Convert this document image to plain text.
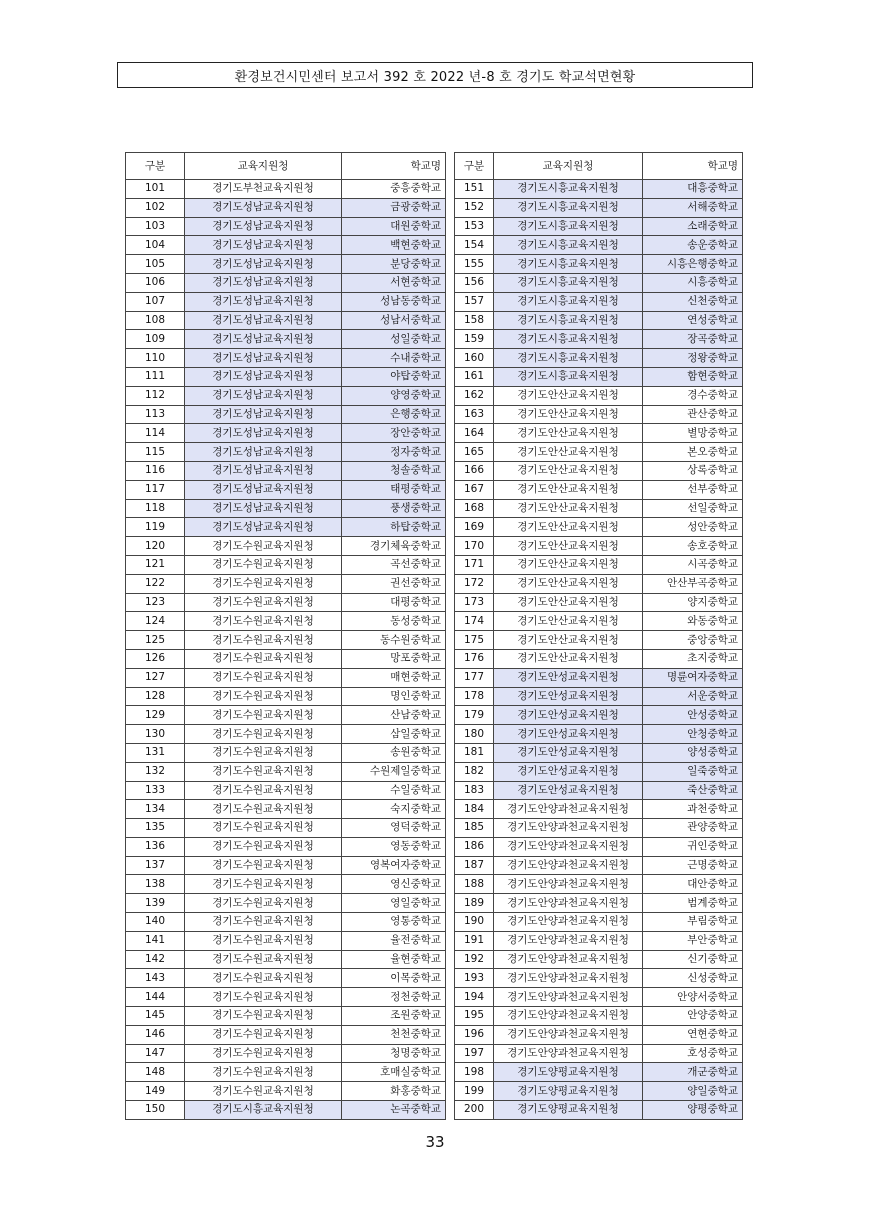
환경보건시민센터 보고서 392 호 2022 년-8 호 경기도 학교석면현황
구분	교육지원청	학교명
101	경기도부천교육지원청	중흥중학교
102	경기도성남교육지원청	금광중학교
103	경기도성남교육지원청	대원중학교
104	경기도성남교육지원청	백현중학교
105	경기도성남교육지원청	분당중학교
106	경기도성남교육지원청	서현중학교
107	경기도성남교육지원청	성남동중학교
108	경기도성남교육지원청	성남서중학교
109	경기도성남교육지원청	성일중학교
110	경기도성남교육지원청	수내중학교
111	경기도성남교육지원청	야탑중학교
112	경기도성남교육지원청	양영중학교
113	경기도성남교육지원청	은행중학교
114	경기도성남교육지원청	장안중학교
115	경기도성남교육지원청	정자중학교
116	경기도성남교육지원청	청솔중학교
117	경기도성남교육지원청	태평중학교
118	경기도성남교육지원청	풍생중학교
119	경기도성남교육지원청	하탑중학교
120	경기도수원교육지원청	경기체육중학교
121	경기도수원교육지원청	곡선중학교
122	경기도수원교육지원청	권선중학교
123	경기도수원교육지원청	대평중학교
124	경기도수원교육지원청	동성중학교
125	경기도수원교육지원청	동수원중학교
126	경기도수원교육지원청	망포중학교
127	경기도수원교육지원청	매현중학교
128	경기도수원교육지원청	명인중학교
129	경기도수원교육지원청	산남중학교
130	경기도수원교육지원청	삼일중학교
131	경기도수원교육지원청	송원중학교
132	경기도수원교육지원청	수원제일중학교
133	경기도수원교육지원청	수일중학교
134	경기도수원교육지원청	숙지중학교
135	경기도수원교육지원청	영덕중학교
136	경기도수원교육지원청	영동중학교
137	경기도수원교육지원청	영복여자중학교
138	경기도수원교육지원청	영신중학교
139	경기도수원교육지원청	영일중학교
140	경기도수원교육지원청	영통중학교
141	경기도수원교육지원청	율전중학교
142	경기도수원교육지원청	율현중학교
143	경기도수원교육지원청	이목중학교
144	경기도수원교육지원청	정천중학교
145	경기도수원교육지원청	조원중학교
146	경기도수원교육지원청	천천중학교
147	경기도수원교육지원청	청명중학교
148	경기도수원교육지원청	호매실중학교
149	경기도수원교육지원청	화홍중학교
150	경기도시흥교육지원청	논곡중학교
구분	교육지원청	학교명
151	경기도시흥교육지원청	대흥중학교
152	경기도시흥교육지원청	서해중학교
153	경기도시흥교육지원청	소래중학교
154	경기도시흥교육지원청	송운중학교
155	경기도시흥교육지원청	시흥은행중학교
156	경기도시흥교육지원청	시흥중학교
157	경기도시흥교육지원청	신천중학교
158	경기도시흥교육지원청	연성중학교
159	경기도시흥교육지원청	장곡중학교
160	경기도시흥교육지원청	정왕중학교
161	경기도시흥교육지원청	함현중학교
162	경기도안산교육지원청	경수중학교
163	경기도안산교육지원청	관산중학교
164	경기도안산교육지원청	별망중학교
165	경기도안산교육지원청	본오중학교
166	경기도안산교육지원청	상록중학교
167	경기도안산교육지원청	선부중학교
168	경기도안산교육지원청	선일중학교
169	경기도안산교육지원청	성안중학교
170	경기도안산교육지원청	송호중학교
171	경기도안산교육지원청	시곡중학교
172	경기도안산교육지원청	안산부곡중학교
173	경기도안산교육지원청	양지중학교
174	경기도안산교육지원청	와동중학교
175	경기도안산교육지원청	중앙중학교
176	경기도안산교육지원청	초지중학교
177	경기도안성교육지원청	명륜여자중학교
178	경기도안성교육지원청	서운중학교
179	경기도안성교육지원청	안성중학교
180	경기도안성교육지원청	안청중학교
181	경기도안성교육지원청	양성중학교
182	경기도안성교육지원청	일죽중학교
183	경기도안성교육지원청	죽산중학교
184	경기도안양과천교육지원청	과천중학교
185	경기도안양과천교육지원청	관양중학교
186	경기도안양과천교육지원청	귀인중학교
187	경기도안양과천교육지원청	근명중학교
188	경기도안양과천교육지원청	대안중학교
189	경기도안양과천교육지원청	범계중학교
190	경기도안양과천교육지원청	부림중학교
191	경기도안양과천교육지원청	부안중학교
192	경기도안양과천교육지원청	신기중학교
193	경기도안양과천교육지원청	신성중학교
194	경기도안양과천교육지원청	안양서중학교
195	경기도안양과천교육지원청	안양중학교
196	경기도안양과천교육지원청	연현중학교
197	경기도안양과천교육지원청	호성중학교
198	경기도양평교육지원청	개군중학교
199	경기도양평교육지원청	양일중학교
200	경기도양평교육지원청	양평중학교
33
